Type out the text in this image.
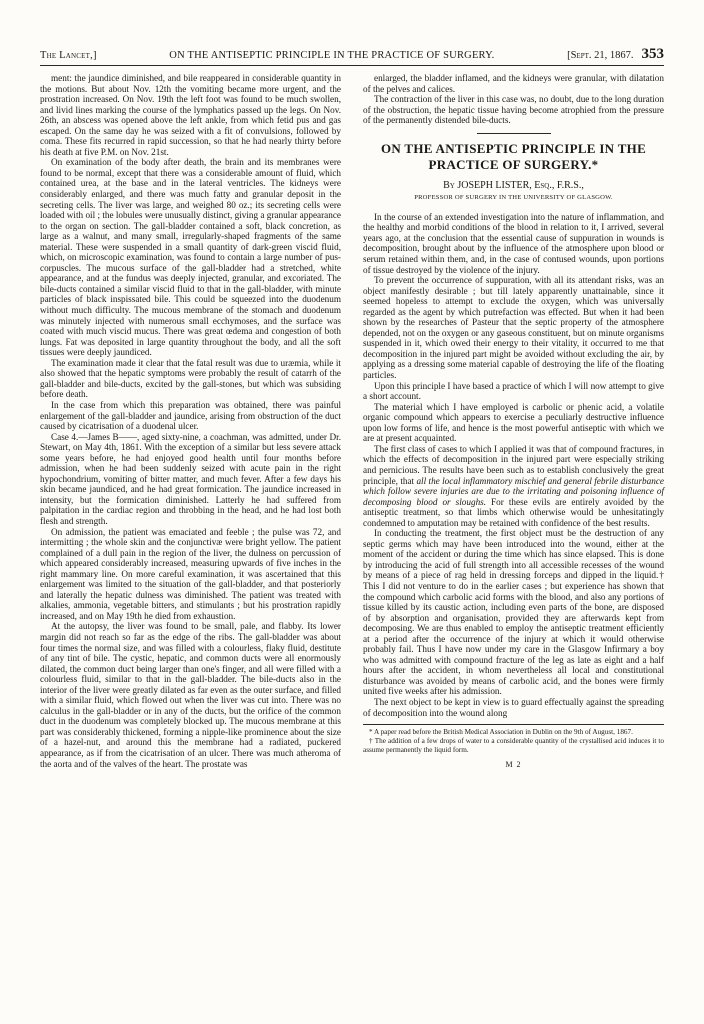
The Lancet,]	ON THE ANTISEPTIC PRINCIPLE IN THE PRACTICE OF SURGERY.	[Sept. 21, 1867. 353

ment: the jaundice diminished, and bile reappeared in considerable quantity in the motions. But about Nov. 12th the vomiting became more urgent, and the prostration increased. On Nov. 19th the left foot was found to be much swollen, and livid lines marking the course of the lymphatics passed up the legs. On Nov. 26th, an abscess was opened above the left ankle, from which fetid pus and gas escaped. On the same day he was seized with a fit of convulsions, followed by coma. These fits recurred in rapid succession, so that he had nearly thirty before his death at five P.M. on Nov. 21st.

On examination of the body after death, the brain and its membranes were found to be normal, except that there was a considerable amount of fluid, which contained urea, at the base and in the lateral ventricles. The kidneys were considerably enlarged, and there was much fatty and granular deposit in the secreting cells. The liver was large, and weighed 80 oz.; its secreting cells were loaded with oil ; the lobules were unusually distinct, giving a granular appearance to the organ on section. The gall-bladder contained a soft, black concretion, as large as a walnut, and many small, irregularly-shaped fragments of the same material. These were suspended in a small quantity of dark-green viscid fluid, which, on microscopic examination, was found to contain a large number of pus-corpuscles. The mucous surface of the gall-bladder had a stretched, white appearance, and at the fundus was deeply injected, granular, and excoriated. The bile-ducts contained a similar viscid fluid to that in the gall-bladder, with minute particles of black inspissated bile. This could be squeezed into the duodenum without much difficulty. The mucous membrane of the stomach and duodenum was minutely injected with numerous small ecchymoses, and the surface was coated with much viscid mucus. There was great œdema and congestion of both lungs. Fat was deposited in large quantity throughout the body, and all the soft tissues were deeply jaundiced.

The examination made it clear that the fatal result was due to uræmia, while it also showed that the hepatic symptoms were probably the result of catarrh of the gall-bladder and bile-ducts, excited by the gall-stones, but which was subsiding before death.

In the case from which this preparation was obtained, there was painful enlargement of the gall-bladder and jaundice, arising from obstruction of the duct caused by cicatrisation of a duodenal ulcer.

Case 4.—James B——, aged sixty-nine, a coachman, was admitted, under Dr. Stewart, on May 4th, 1861. With the exception of a similar but less severe attack some years before, he had enjoyed good health until four months before admission, when he had been suddenly seized with acute pain in the right hypochondrium, vomiting of bitter matter, and much fever. After a few days his skin became jaundiced, and he had great formication. The jaundice increased in intensity, but the formication diminished. Latterly he had suffered from palpitation in the cardiac region and throbbing in the head, and he had lost both flesh and strength.

On admission, the patient was emaciated and feeble ; the pulse was 72, and intermitting ; the whole skin and the conjunctivæ were bright yellow. The patient complained of a dull pain in the region of the liver, the dulness on percussion of which appeared considerably increased, measuring upwards of five inches in the right mammary line. On more careful examination, it was ascertained that this enlargement was limited to the situation of the gall-bladder, and that posteriorly and laterally the hepatic dulness was diminished. The patient was treated with alkalies, ammonia, vegetable bitters, and stimulants ; but his prostration rapidly increased, and on May 19th he died from exhaustion.

At the autopsy, the liver was found to be small, pale, and flabby. Its lower margin did not reach so far as the edge of the ribs. The gall-bladder was about four times the normal size, and was filled with a colourless, flaky fluid, destitute of any tint of bile. The cystic, hepatic, and common ducts were all enormously dilated, the common duct being larger than one's finger, and all were filled with a colourless fluid, similar to that in the gall-bladder. The bile-ducts also in the interior of the liver were greatly dilated as far even as the outer surface, and filled with a similar fluid, which flowed out when the liver was cut into. There was no calculus in the gall-bladder or in any of the ducts, but the orifice of the common duct in the duodenum was completely blocked up. The mucous membrane at this part was considerably thickened, forming a nipple-like prominence about the size of a hazel-nut, and around this the membrane had a radiated, puckered appearance, as if from the cicatrisation of an ulcer. There was much atheroma of the aorta and of the valves of the heart. The prostate was

enlarged, the bladder inflamed, and the kidneys were granular, with dilatation of the pelves and calices.

The contraction of the liver in this case was, no doubt, due to the long duration of the obstruction, the hepatic tissue having become atrophied from the pressure of the permanently distended bile-ducts.

ON THE ANTISEPTIC PRINCIPLE IN THE PRACTICE OF SURGERY.*
By JOSEPH LISTER, Esq., F.R.S.,
PROFESSOR OF SURGERY IN THE UNIVERSITY OF GLASGOW.

In the course of an extended investigation into the nature of inflammation, and the healthy and morbid conditions of the blood in relation to it, I arrived, several years ago, at the conclusion that the essential cause of suppuration in wounds is decomposition, brought about by the influence of the atmosphere upon blood or serum retained within them, and, in the case of contused wounds, upon portions of tissue destroyed by the violence of the injury.

To prevent the occurrence of suppuration, with all its attendant risks, was an object manifestly desirable ; but till lately apparently unattainable, since it seemed hopeless to attempt to exclude the oxygen, which was universally regarded as the agent by which putrefaction was effected. But when it had been shown by the researches of Pasteur that the septic property of the atmosphere depended, not on the oxygen or any gaseous constituent, but on minute organisms suspended in it, which owed their energy to their vitality, it occurred to me that decomposition in the injured part might be avoided without excluding the air, by applying as a dressing some material capable of destroying the life of the floating particles.

Upon this principle I have based a practice of which I will now attempt to give a short account.

The material which I have employed is carbolic or phenic acid, a volatile organic compound which appears to exercise a peculiarly destructive influence upon low forms of life, and hence is the most powerful antiseptic with which we are at present acquainted.

The first class of cases to which I applied it was that of compound fractures, in which the effects of decomposition in the injured part were especially striking and pernicious. The results have been such as to establish conclusively the great principle, that all the local inflammatory mischief and general febrile disturbance which follow severe injuries are due to the irritating and poisoning influence of decomposing blood or sloughs. For these evils are entirely avoided by the antiseptic treatment, so that limbs which otherwise would be unhesitatingly condemned to amputation may be retained with confidence of the best results.

In conducting the treatment, the first object must be the destruction of any septic germs which may have been introduced into the wound, either at the moment of the accident or during the time which has since elapsed. This is done by introducing the acid of full strength into all accessible recesses of the wound by means of a piece of rag held in dressing forceps and dipped in the liquid.† This I did not venture to do in the earlier cases ; but experience has shown that the compound which carbolic acid forms with the blood, and also any portions of tissue killed by its caustic action, including even parts of the bone, are disposed of by absorption and organisation, provided they are afterwards kept from decomposing. We are thus enabled to employ the antiseptic treatment efficiently at a period after the occurrence of the injury at which it would otherwise probably fail. Thus I have now under my care in the Glasgow Infirmary a boy who was admitted with compound fracture of the leg as late as eight and a half hours after the accident, in whom nevertheless all local and constitutional disturbance was avoided by means of carbolic acid, and the bones were firmly united five weeks after his admission.

The next object to be kept in view is to guard effectually against the spreading of decomposition into the wound along

* A paper read before the British Medical Association in Dublin on the 9th of August, 1867.

† The addition of a few drops of water to a considerable quantity of the crystallised acid induces it to assume permanently the liquid form.

M 2
